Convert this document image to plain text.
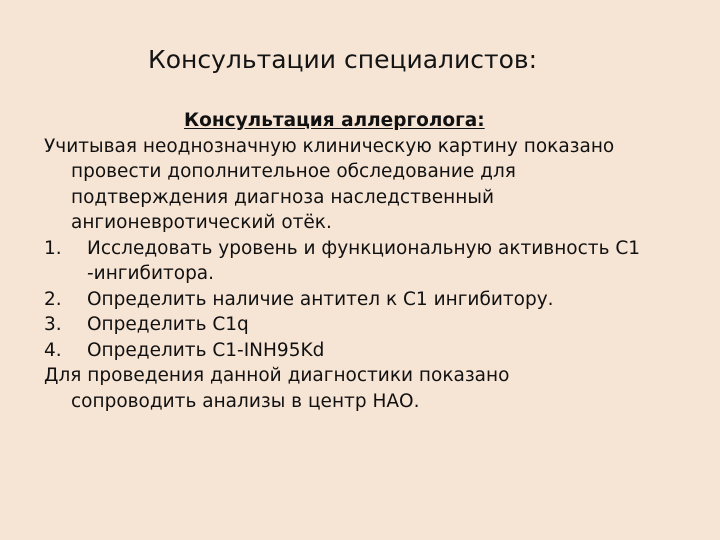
Консультации специалистов:
Консультация аллерголога:
Учитывая неоднозначную клиническую картину показано
провести дополнительное обследование для
подтверждения диагноза наследственный
ангионевротический отёк.
1.	Исследовать уровень и функциональную активность С1
-ингибитора.
2.	Определить наличие антител к С1 ингибитору.
3.	Определить С1q
4.	Определить С1-INH95Kd
Для проведения данной диагностики показано
сопроводить анализы в центр НАО.
